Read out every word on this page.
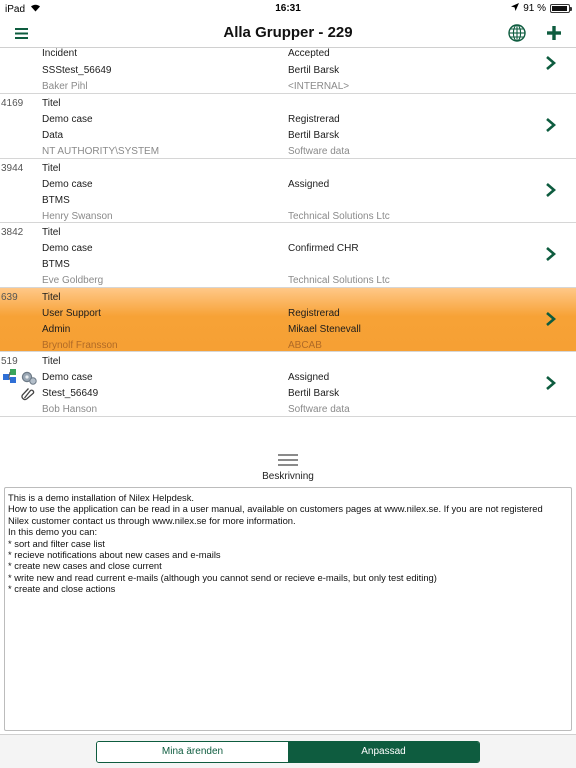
iPad	16:31	91 %
Alla Grupper - 229
Incident	Accepted
SSStest_56649	Bertil Barsk
Baker Pihl	<INTERNAL>
4169 Titel
Demo case	Registrerad
Data	Bertil Barsk
NT AUTHORITY\SYSTEM	Software data
3944 Titel
Demo case	Assigned
BTMS
Henry Swanson	Technical Solutions Ltc
3842 Titel
Demo case	Confirmed CHR
BTMS
Eve Goldberg	Technical Solutions Ltc
639 Titel
User Support	Registrerad
Admin	Mikael Stenevall
Brynolf Fransson	ABCAB
519 Titel
Demo case	Assigned
Stest_56649	Bertil Barsk
Bob Hanson	Software data
Beskrivning
This is a demo installation of Nilex Helpdesk.
How to use the application can be read in a user manual, available on customers pages at www.nilex.se. If you are not registered
Nilex customer contact us through www.nilex.se for more information.
In this demo you can:
* sort and filter case list
* recieve notifications about new cases and e-mails
* create new cases and close current
* write new and read current e-mails (although you cannot send or recieve e-mails, but only test editing)
* create and close actions
Mina ärenden	Anpassad
